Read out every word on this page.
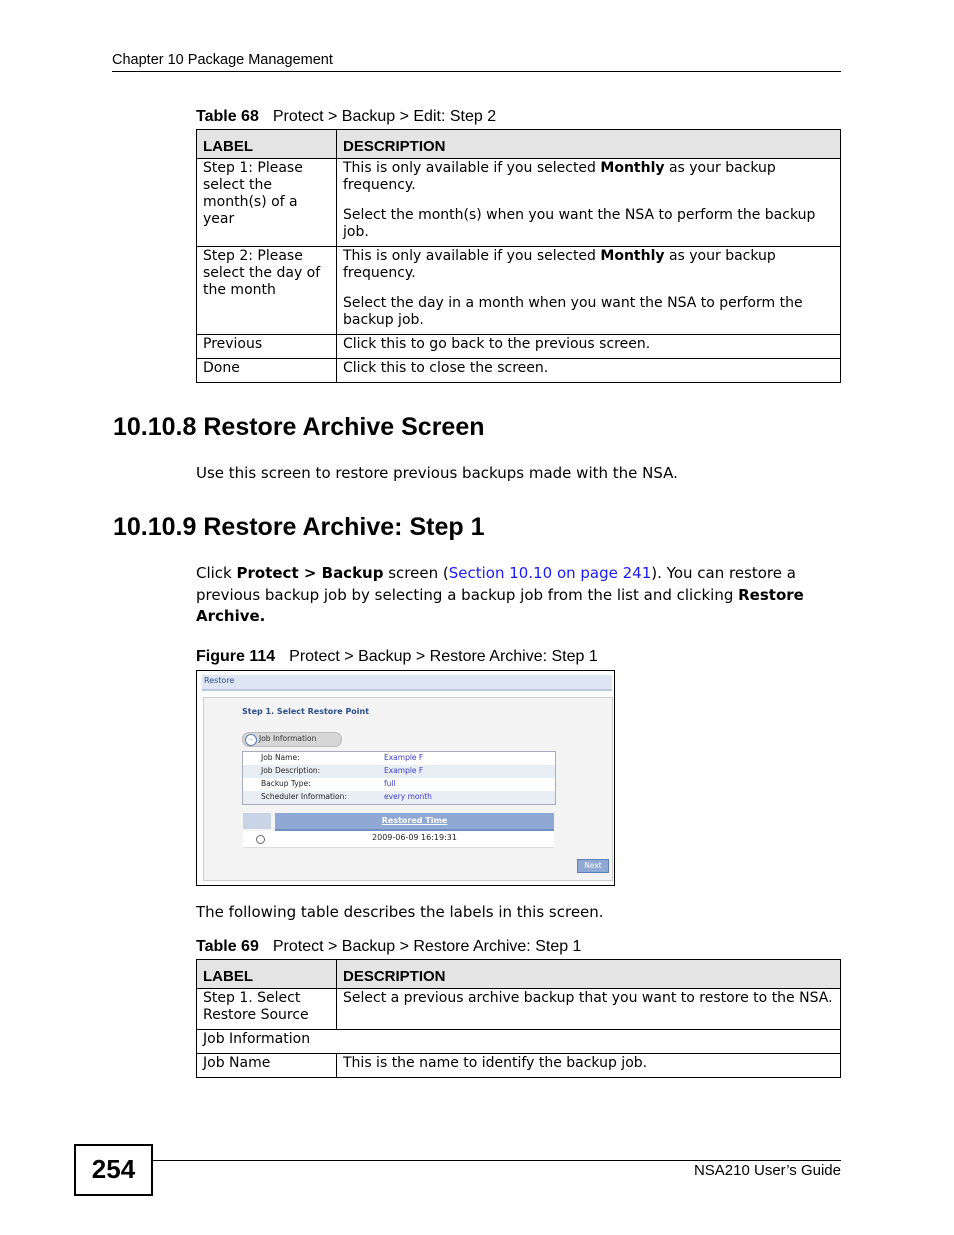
Chapter 10 Package Management
Table 68 Protect > Backup > Edit: Step 2
LABEL	DESCRIPTION
Step 1: Please select the month(s) of a year	This is only available if you selected Monthly as your backup frequency.

Select the month(s) when you want the NSA to perform the backup job.

Step 2: Please select the day of the month	This is only available if you selected Monthly as your backup frequency.

Select the day in a month when you want the NSA to perform the backup job.

Previous	Click this to go back to the previous screen.
Done	Click this to close the screen.
10.10.8 Restore Archive Screen

Use this screen to restore previous backups made with the NSA.

10.10.9 Restore Archive: Step 1

Click Protect > Backup screen (Section 10.10 on page 241). You can restore a previous backup job by selecting a backup job from the list and clicking Restore Archive.

Figure 114 Protect > Backup > Restore Archive: Step 1
Restore
Step 1. Select Restore Point
– Job Information
Job Name:	Example F
Job Description:	Example F
Backup Type:	full
Scheduler Information:	every month
Restored Time
2009-06-09 16:19:31
Next

The following table describes the labels in this screen.

Table 69 Protect > Backup > Restore Archive: Step 1
LABEL	DESCRIPTION
Step 1. Select Restore Source	Select a previous archive backup that you want to restore to the NSA.
Job Information	
Job Name	This is the name to identify the backup job.
254	NSA210 User’s Guide
